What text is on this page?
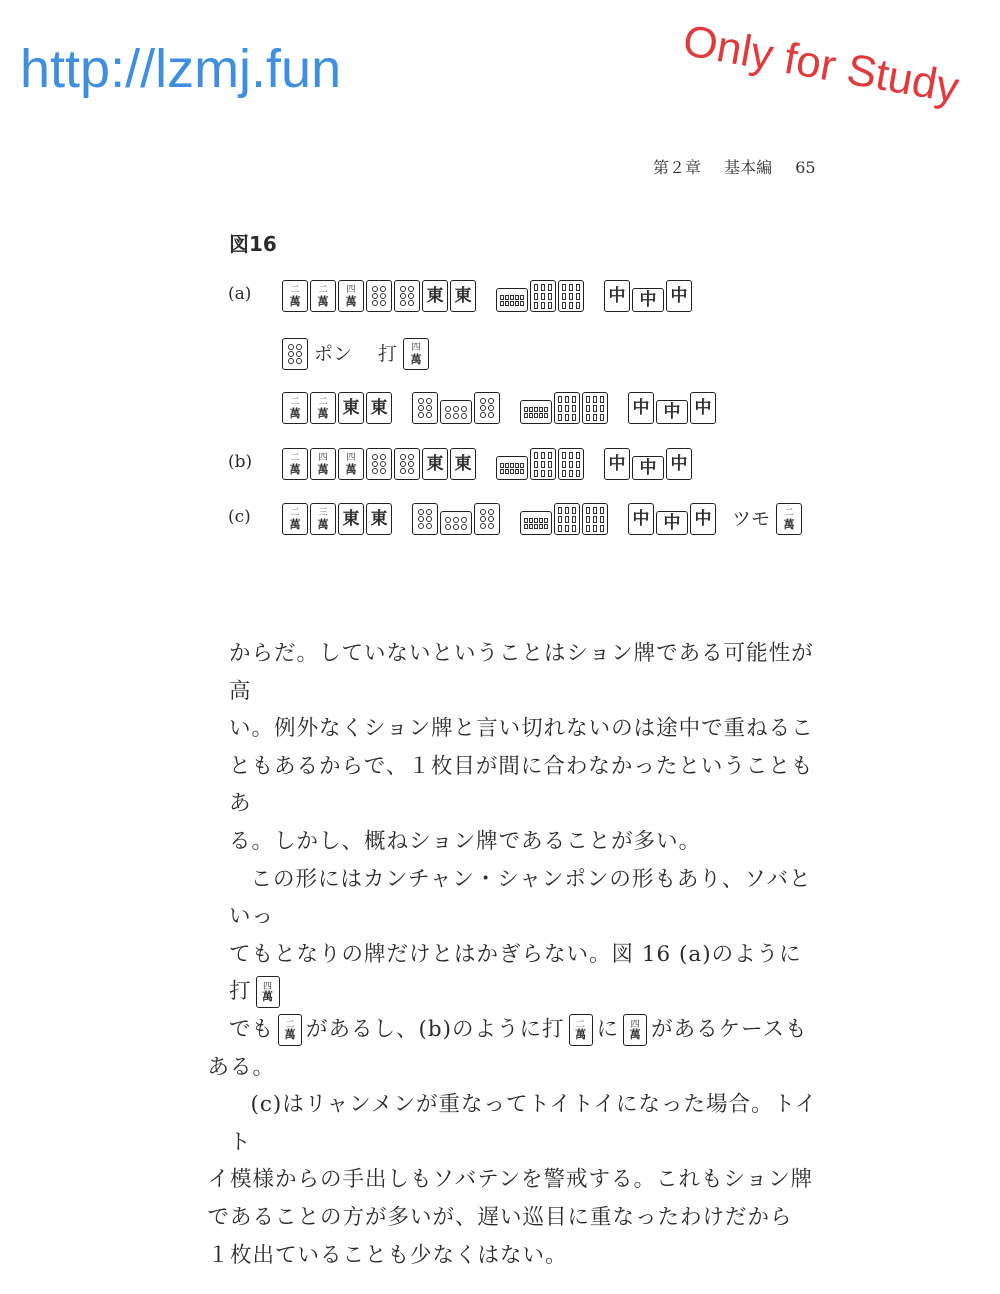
http://lzmj.fun	Only for Study
第２章 基本編 65
図16
(a)	二
萬
二
萬
四
萬	東 東	中 中 中
ポン 打 四
萬
二
萬
二
萬 東 東	中 中 中
(b)	二
萬
四
萬
四
萬	東 東	中 中 中
(c)	二
萬
三
萬 東 東	中 中 中 ツモ 二
萬

からだ。していないということはション牌である可能性が高
い。例外なくション牌と言い切れないのは途中で重ねるこ
ともあるからで、１枚目が間に合わなかったということもあ
る。しかし、概ねション牌であることが多い。

この形にはカンチャン・シャンポンの形もあり、ソバといっ
てもとなりの牌だけとはかぎらない。図 16 (a)のように打 四
萬

でも 二
萬 があるし、(b)のように打 二
萬 に 四
萬 があるケースも
ある。

(c)はリャンメンが重なってトイトイになった場合。トイト
イ模様からの手出しもソバテンを警戒する。これもション牌
であることの方が多いが、遅い巡目に重なったわけだから
１枚出ていることも少なくはない。
